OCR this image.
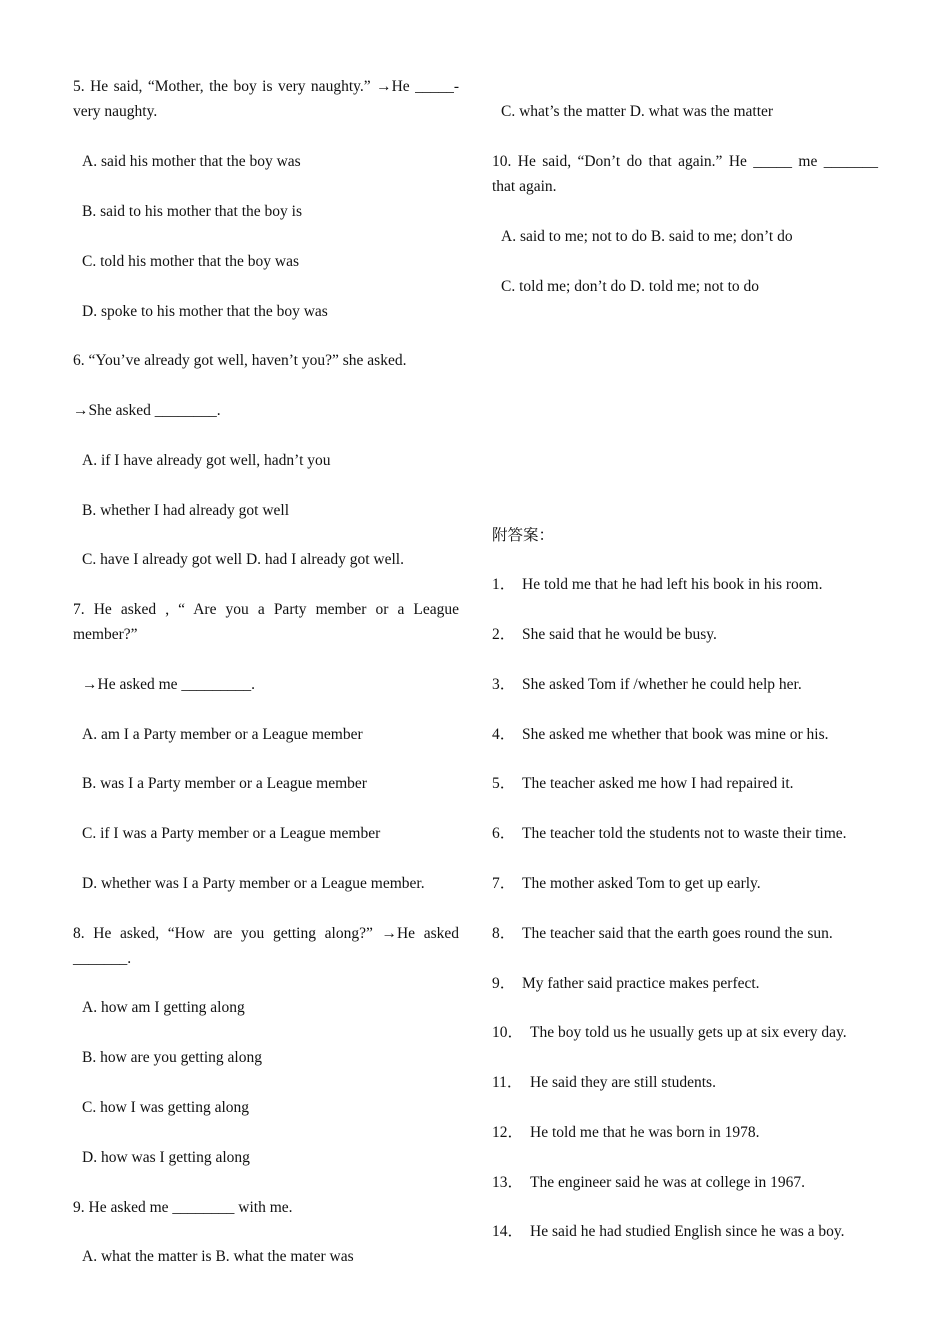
5. He said, “Mother, the boy is very naughty.” →He _____- very naughty.
A. said his mother that the boy was
B. said to his mother that the boy is
C. told his mother that the boy was
D. spoke to his mother that the boy was
6. “You’ve already got well, haven’t you?” she asked.
→She asked ________.
A. if I have already got well, hadn’t you
B. whether I had already got well
C. have I already got well D. had I already got well.
7. He asked , “ Are you a Party member or a League member?”
→He asked me _________.
A. am I a Party member or a League member
B. was I a Party member or a League member
C. if I was a Party member or a League member
D. whether was I a Party member or a League member.
8. He asked, “How are you getting along?” →He asked _______.
A. how am I getting along
B. how are you getting along
C. how I was getting along
D. how was I getting along
9. He asked me ________ with me.
A. what the matter is B. what the mater was
C. what’s the matter D. what was the matter
10. He said, “Don’t do that again.” He _____ me _______ that again.
A. said to me; not to do B. said to me; don’t do
C. told me; don’t do D. told me; not to do
附答案：
1． He told me that he had left his book in his room.
2． She said that he would be busy.
3． She asked Tom if /whether he could help her.
4． She asked me whether that book was mine or his.
5． The teacher asked me how I had repaired it.
6． The teacher told the students not to waste their time.
7． The mother asked Tom to get up early.
8． The teacher said that the earth goes round the sun.
9． My father said practice makes perfect.
10． The boy told us he usually gets up at six every day.
11． He said they are still students.
12． He told me that he was born in 1978.
13． The engineer said he was at college in 1967.
14． He said he had studied English since he was a boy.
